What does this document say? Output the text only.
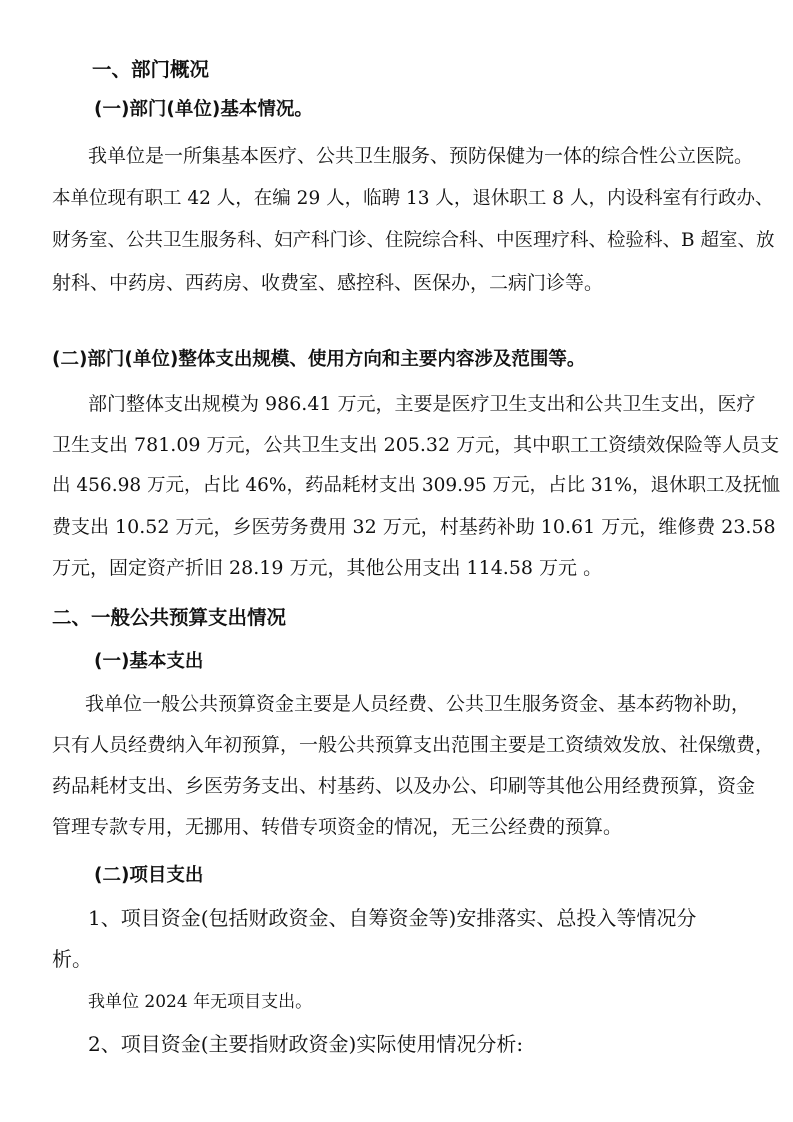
一、部门概况
(一)部门(单位)基本情况。
我单位是一所集基本医疗、公共卫生服务、预防保健为一体的综合性公立医院。
本单位现有职工 42 人，在编 29 人，临聘 13 人，退休职工 8 人，内设科室有行政办、
财务室、公共卫生服务科、妇产科门诊、住院综合科、中医理疗科、检验科、B 超室、放
射科、中药房、西药房、收费室、感控科、医保办，二病门诊等。
(二)部门(单位)整体支出规模、使用方向和主要内容涉及范围等。
部门整体支出规模为 986.41 万元，主要是医疗卫生支出和公共卫生支出，医疗
卫生支出 781.09 万元，公共卫生支出 205.32 万元，其中职工工资绩效保险等人员支
出 456.98 万元，占比 46%，药品耗材支出 309.95 万元，占比 31%，退休职工及抚恤
费支出 10.52 万元，乡医劳务费用 32 万元，村基药补助 10.61 万元，维修费 23.58
万元，固定资产折旧 28.19 万元，其他公用支出 114.58 万元 。
二、一般公共预算支出情况
(一)基本支出
我单位一般公共预算资金主要是人员经费、公共卫生服务资金、基本药物补助，
只有人员经费纳入年初预算，一般公共预算支出范围主要是工资绩效发放、社保缴费，
药品耗材支出、乡医劳务支出、村基药、以及办公、印刷等其他公用经费预算，资金
管理专款专用，无挪用、转借专项资金的情况，无三公经费的预算。
(二)项目支出
1、项目资金(包括财政资金、自筹资金等)安排落实、总投入等情况分
析。
我单位 2024 年无项目支出。
2、项目资金(主要指财政资金)实际使用情况分析:
